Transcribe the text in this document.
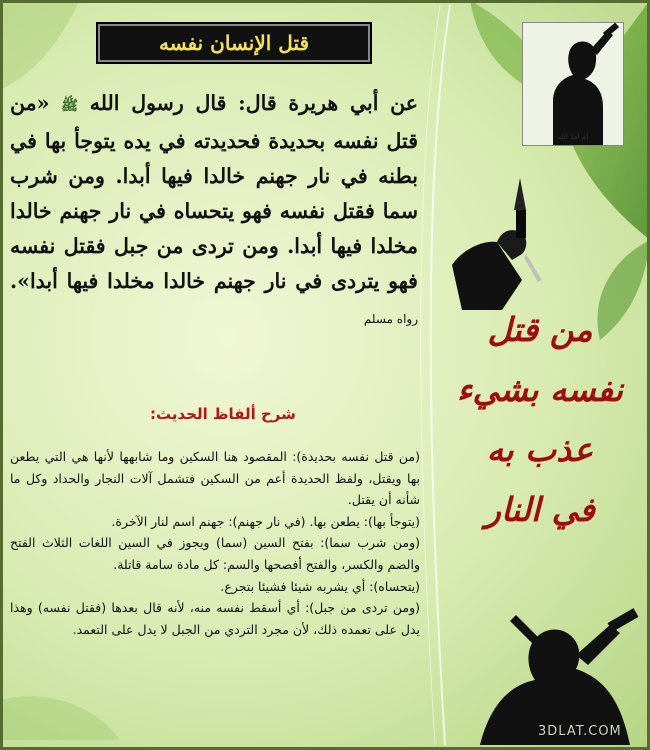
قتل الإنسان نفسه
عن أبي هريرة قال: قال رسول الله ﷺ «من قتل نفسه بحديدة فحديدته في يده يتوجأ بها في بطنه في نار جهنم خالدا فيها أبدا. ومن شرب سما فقتل نفسه فهو يتحساه في نار جهنم خالدا مخلدا فيها أبدا. ومن تردى من جبل فقتل نفسه فهو يتردى في نار جهنم خالدا مخلدا فيها أبدا». رواه مسلم
شرح ألفاظ الحديث:

(من قتل نفسه بحديدة): المقصود هنا السكين وما شابهها لأنها هي التي يطعن بها ويقتل، ولفظ الحديدة أعم من السكين فتشمل آلات النجار والحداد وكل ما شأنه أن يقتل.

(يتوجأ بها): يطعن بها. (في نار جهنم): جهنم اسم لنار الآخرة.

(ومن شرب سما): بفتح السين (سما) ويجوز في السين اللغات الثلاث الفتح والضم والكسر، والفتح أفصحها والسم: كل مادة سامة قاتلة.

(يتحساه): أي يشربه شيئا فشيئا بتجرع.

(ومن تردى من جبل): أي أسقط نفسه منه، لأنه قال بعدها (فقتل نفسه) وهذا يدل على تعمده ذلك، لأن مجرد التردي من الجبل لا يدل على التعمد.

ام امة الله
من قتل
نفسه بشيء
عذب به
في النار
3DLAT.COM
